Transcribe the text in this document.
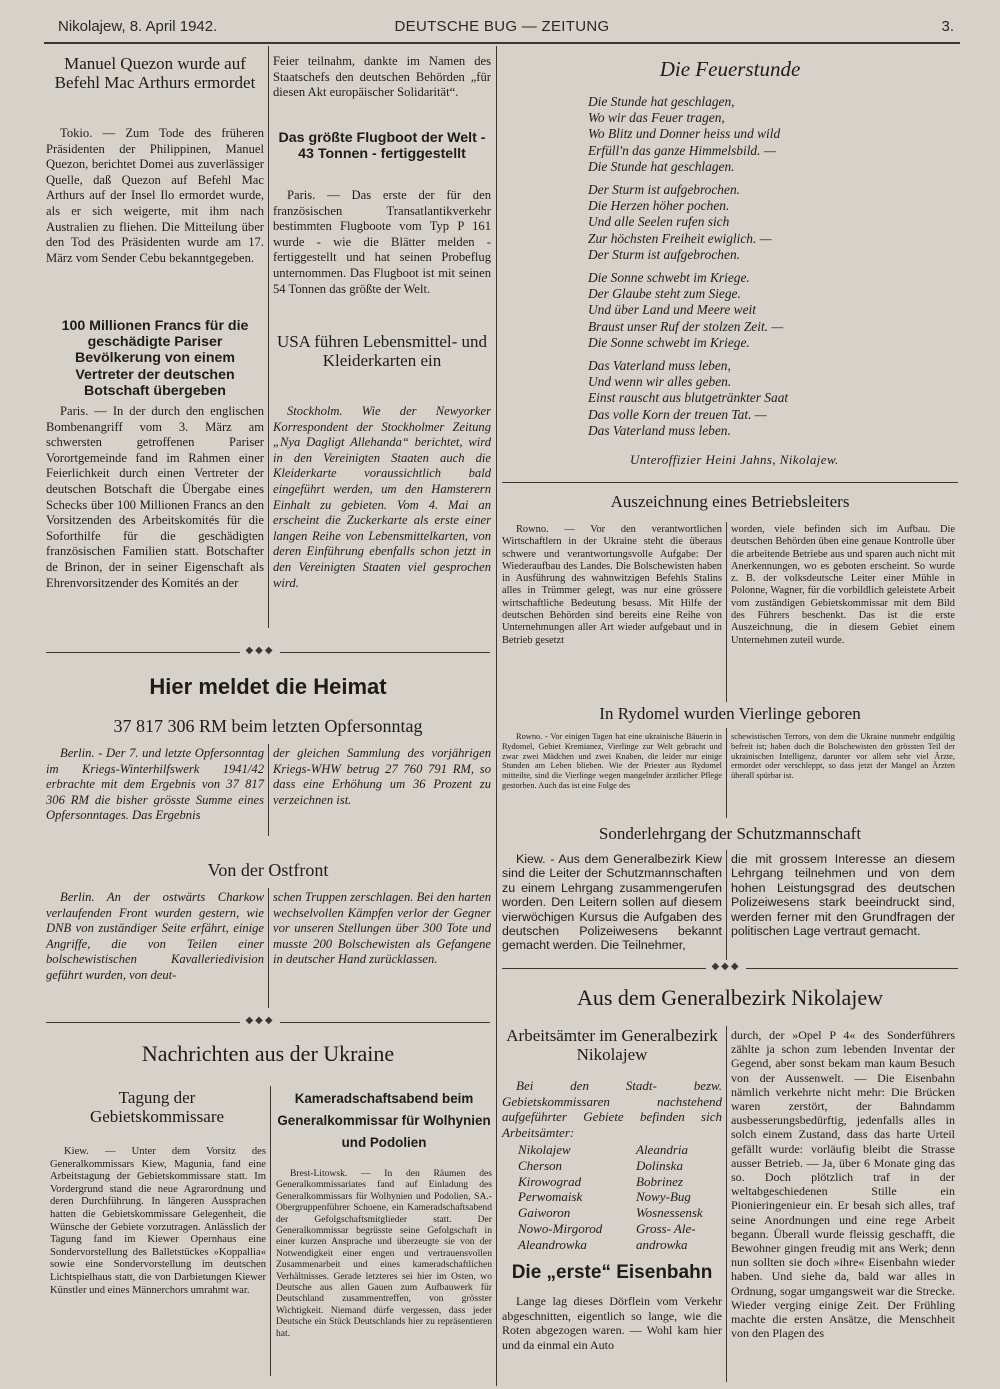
Nikolajew, 8. April 1942.	DEUTSCHE BUG — ZEITUNG	3.
Manuel Quezon wurde auf Befehl Mac Arthurs ermordet

Tokio. — Zum Tode des früheren Präsidenten der Philippinen, Manuel Quezon, berichtet Domei aus zuverlässiger Quelle, daß Quezon auf Befehl Mac Arthurs auf der Insel Ilo ermordet wurde, als er sich weigerte, mit ihm nach Australien zu fliehen. Die Mitteilung über den Tod des Präsidenten wurde am 17. März vom Sender Cebu bekanntgegeben.

100 Millionen Francs für die geschädigte Pariser Bevölkerung von einem Vertreter der deutschen Botschaft übergeben

Paris. — In der durch den englischen Bombenangriff vom 3. März am schwersten getroffenen Pariser Vorortgemeinde fand im Rahmen einer Feierlichkeit durch einen Vertreter der deutschen Botschaft die Übergabe eines Schecks über 100 Millionen Francs an den Vorsitzenden des Arbeitskomités für die Soforthilfe für die geschädigten französischen Familien statt. Botschafter de Brinon, der in seiner Eigenschaft als Ehrenvorsitzender des Komités an der

Feier teilnahm, dankte im Namen des Staatschefs den deutschen Behörden „für diesen Akt europäischer Solidarität“.

Das größte Flugboot der Welt - 43 Tonnen - fertiggestellt

Paris. — Das erste der für den französischen Transatlantikverkehr bestimmten Flugboote vom Typ P 161 wurde - wie die Blätter melden - fertiggestellt und hat seinen Probeflug unternommen. Das Flugboot ist mit seinen 54 Tonnen das größte der Welt.

USA führen Lebensmittel- und Kleiderkarten ein

Stockholm. Wie der Newyorker Korrespondent der Stockholmer Zeitung „Nya Dagligt Allehanda“ berichtet, wird in den Vereinigten Staaten auch die Kleiderkarte voraussichtlich bald eingeführt werden, um den Hamsterern Einhalt zu gebieten. Vom 4. Mai an erscheint die Zuckerkarte als erste einer langen Reihe von Lebensmittelkarten, von deren Einführung ebenfalls schon jetzt in den Vereinigten Staaten viel gesprochen wird.

◆◆◆
Hier meldet die Heimat
37 817 306 RM beim letzten Opfersonntag

Berlin. - Der 7. und letzte Opfersonntag im Kriegs-Winterhilfswerk 1941/42 erbrachte mit dem Ergebnis von 37 817 306 RM die bisher grösste Summe eines Opfersonntages. Das Ergebnis

der gleichen Sammlung des vorjährigen Kriegs-WHW betrug 27 760 791 RM, so dass eine Erhöhung um 36 Prozent zu verzeichnen ist.

Von der Ostfront

Berlin. An der ostwärts Charkow verlaufenden Front wurden gestern, wie DNB von zuständiger Seite erfährt, einige Angriffe, die von Teilen einer bolschewistischen Kavalleriedivision geführt wurden, von deut-

schen Truppen zerschlagen. Bei den harten wechselvollen Kämpfen verlor der Gegner vor unseren Stellungen über 300 Tote und musste 200 Bolschewisten als Gefangene in deutscher Hand zurücklassen.

◆◆◆
Nachrichten aus der Ukraine
Tagung der Gebietskommissare

Kiew. — Unter dem Vorsitz des Generalkommissars Kiew, Magunia, fand eine Arbeitstagung der Gebietskommissare statt. Im Vordergrund stand die neue Agrarordnung und deren Durchführung. In längeren Aussprachen hatten die Gebietskommissare Gelegenheit, die Wünsche der Gebiete vorzutragen. Anlässlich der Tagung fand im Kiewer Opernhaus eine Sondervorstellung des Balletstückes »Koppallia« sowie eine Sondervorstellung im deutschen Lichtspielhaus statt, die von Darbietungen Kiewer Künstler und eines Männerchors umrahmt war.

Kameradschaftsabend beim Generalkommissar für Wolhynien und Podolien

Brest-Litowsk. — In den Räumen des Generalkommissariates fand auf Einladung des Generalkommissars für Wolhynien und Podolien, SA.-Obergruppenführer Schoene, ein Kameradschaftsabend der Gefolgschaftsmitglieder statt. Der Generalkommissar begrüsste seine Gefolgschaft in einer kurzen Ansprache und überzeugte sie von der Notwendigkeit einer engen und vertrauensvollen Zusammenarbeit und eines kameradschaftlichen Verhältnisses. Gerade letzteres sei hier im Osten, wo Deutsche aus allen Gauen zum Aufbauwerk für Deutschland zusammentreffen, von grösster Wichtigkeit. Niemand dürfe vergessen, dass jeder Deutsche ein Stück Deutschlands hier zu repräsentieren hat.

Die Feuerstunde
Die Stunde hat geschlagen,
Wo wir das Feuer tragen,
Wo Blitz und Donner heiss und wild
Erfüll'n das ganze Himmelsbild. —
Die Stunde hat geschlagen.
Der Sturm ist aufgebrochen.
Die Herzen höher pochen.
Und alle Seelen rufen sich
Zur höchsten Freiheit ewiglich. —
Der Sturm ist aufgebrochen.
Die Sonne schwebt im Kriege.
Der Glaube steht zum Siege.
Und über Land und Meere weit
Braust unser Ruf der stolzen Zeit. —
Die Sonne schwebt im Kriege.
Das Vaterland muss leben,
Und wenn wir alles geben.
Einst rauscht aus blutgetränkter Saat
Das volle Korn der treuen Tat. —
Das Vaterland muss leben.
Unteroffizier Heini Jahns, Nikolajew.
Auszeichnung eines Betriebsleiters

Rowno. — Vor den verantwortlichen Wirtschaftlern in der Ukraine steht die überaus schwere und verantwortungsvolle Aufgabe: Der Wiederaufbau des Landes. Die Bolschewisten haben in Ausführung des wahnwitzigen Befehls Stalins alles in Trümmer gelegt, was nur eine grössere wirtschaftliche Bedeutung besass. Mit Hilfe der deutschen Behörden sind bereits eine Reihe von Unternehmungen aller Art wieder aufgebaut und in Betrieb gesetzt

worden, viele befinden sich im Aufbau. Die deutschen Behörden üben eine genaue Kontrolle über die arbeitende Betriebe aus und sparen auch nicht mit Anerkennungen, wo es geboten erscheint. So wurde z. B. der volksdeutsche Leiter einer Mühle in Polonne, Wagner, für die vorbildlich geleistete Arbeit vom zuständigen Gebietskommissar mit dem Bild des Führers beschenkt. Das ist die erste Auszeichnung, die in diesem Gebiet einem Unternehmen zuteil wurde.

In Rydomel wurden Vierlinge geboren

Rowno. - Vor einigen Tagen hat eine ukrainische Bäuerin in Rydomel, Gebiet Kremianez, Vierlinge zur Welt gebracht und zwar zwei Mädchen und zwei Knaben, die leider nur einige Stunden am Leben blieben. Wie der Priester aus Rydomel mitteilte, sind die Vierlinge wegen mangelnder ärztlicher Pflege gestorben. Auch das ist eine Folge des

schewistischen Terrors, von dem die Ukraine nunmehr endgültig befreit ist; haben doch die Bolschewisten den grössten Teil der ukrainischen Intelligenz, darunter vor allem sehr viel Ärzte, ermordet oder verschleppt, so dass jetzt der Mangel an Ärzten überall spürbar ist.

Sonderlehrgang der Schutzmannschaft

Kiew. - Aus dem Generalbezirk Kiew sind die Leiter der Schutzmannschaften zu einem Lehrgang zusammengerufen worden. Den Leitern sollen auf diesem vierwöchigen Kursus die Aufgaben des deutschen Polizeiwesens bekannt gemacht werden. Die Teilnehmer,

die mit grossem Interesse an diesem Lehrgang teilnehmen und von dem hohen Leistungsgrad des deutschen Polizeiwesens stark beeindruckt sind, werden ferner mit den Grundfragen der politischen Lage vertraut gemacht.

◆◆◆
Aus dem Generalbezirk Nikolajew
Arbeitsämter im Generalbezirk Nikolajew

Bei den Stadt- bezw. Gebietskommissaren nachstehend aufgeführter Gebiete befinden sich Arbeitsämter:

Nikolajew	Aleandria
Cherson	Dolinska
Kirowograd	Bobrinez
Perwomaisk	Nowy-Bug
Gaiworon	Wosnessensk
Nowo-Mirgorod	Gross- Ale-
Aleandrowka	androwka
Die „erste“ Eisenbahn

Lange lag dieses Dörflein vom Verkehr abgeschnitten, eigentlich so lange, wie die Roten abgezogen waren. — Wohl kam hier und da einmal ein Auto

durch, der »Opel P 4« des Sonderführers zählte ja schon zum lebenden Inventar der Gegend, aber sonst bekam man kaum Besuch von der Aussenwelt. — Die Eisenbahn nämlich verkehrte nicht mehr: Die Brücken waren zerstört, der Bahndamm ausbesserungsbedürftig, jedenfalls alles in solch einem Zustand, dass das harte Urteil gefällt wurde: vorläufig bleibt die Strasse ausser Betrieb. — Ja, über 6 Monate ging das so. Doch plötzlich traf in der weltabgeschiedenen Stille ein Pionieringenieur ein. Er besah sich alles, traf seine Anordnungen und eine rege Arbeit begann. Überall wurde fleissig geschafft, die Bewohner gingen freudig mit ans Werk; denn nun sollten sie doch »ihre« Eisenbahn wieder haben. Und siehe da, bald war alles in Ordnung, sogar umgangsweit war die Strecke. Wieder verging einige Zeit. Der Frühling machte die ersten Ansätze, die Menschheit von den Plagen des
